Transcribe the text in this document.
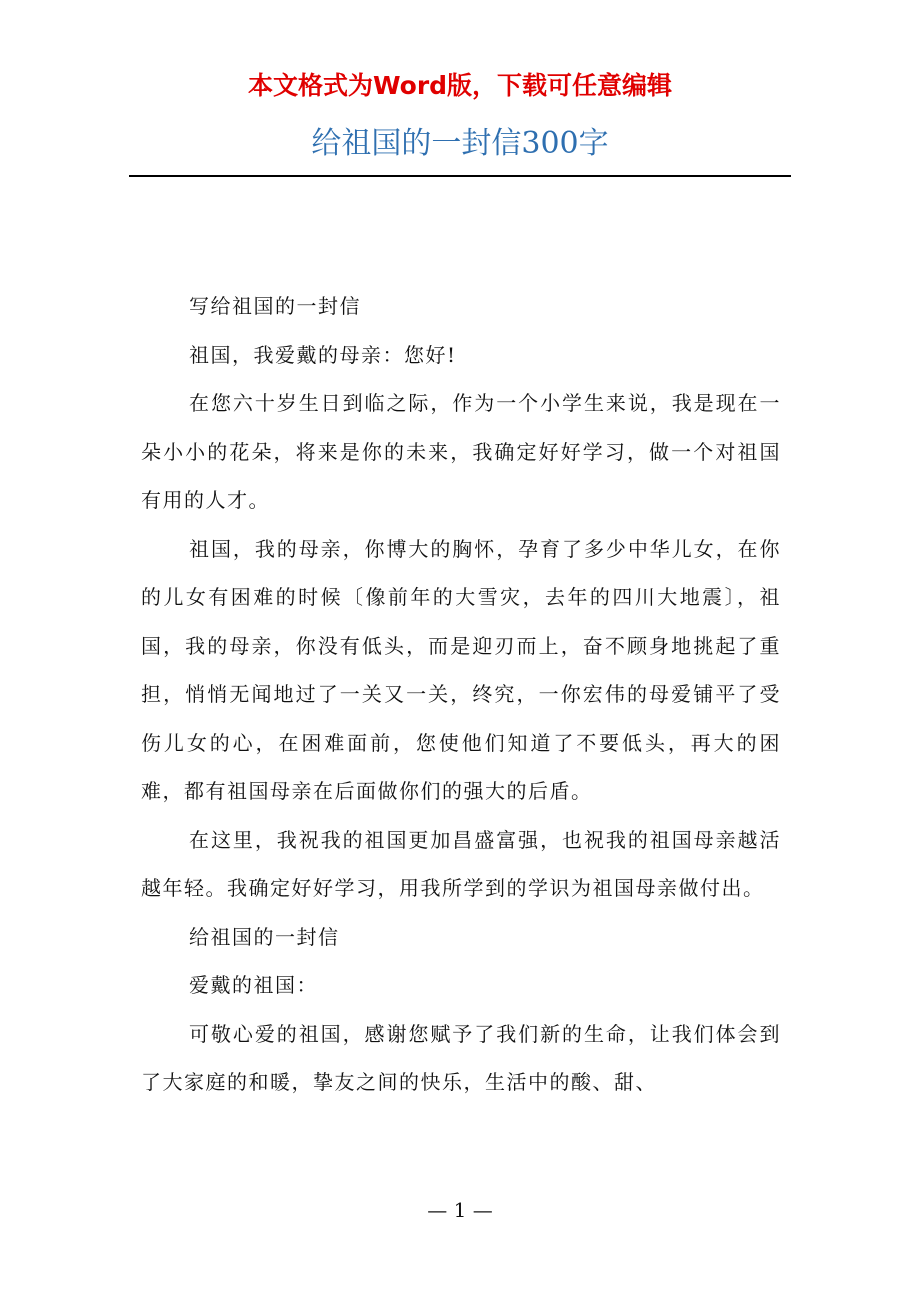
本文格式为Word版，下载可任意编辑
给祖国的一封信300字

写给祖国的一封信

祖国，我爱戴的母亲：您好!

在您六十岁生日到临之际，作为一个小学生来说，我是现在一朵小小的花朵，将来是你的未来，我确定好好学习，做一个对祖国有用的人才。

祖国，我的母亲，你博大的胸怀，孕育了多少中华儿女，在你的儿女有困难的时候〔像前年的大雪灾，去年的四川大地震〕，祖国，我的母亲，你没有低头，而是迎刃而上，奋不顾身地挑起了重担，悄悄无闻地过了一关又一关，终究，一你宏伟的母爱铺平了受伤儿女的心，在困难面前，您使他们知道了不要低头，再大的困难，都有祖国母亲在后面做你们的强大的后盾。

在这里，我祝我的祖国更加昌盛富强，也祝我的祖国母亲越活越年轻。我确定好好学习，用我所学到的学识为祖国母亲做付出。

给祖国的一封信

爱戴的祖国：

可敬心爱的祖国，感谢您赋予了我们新的生命，让我们体会到了大家庭的和暖，挚友之间的快乐，生活中的酸、甜、

— 1 —
